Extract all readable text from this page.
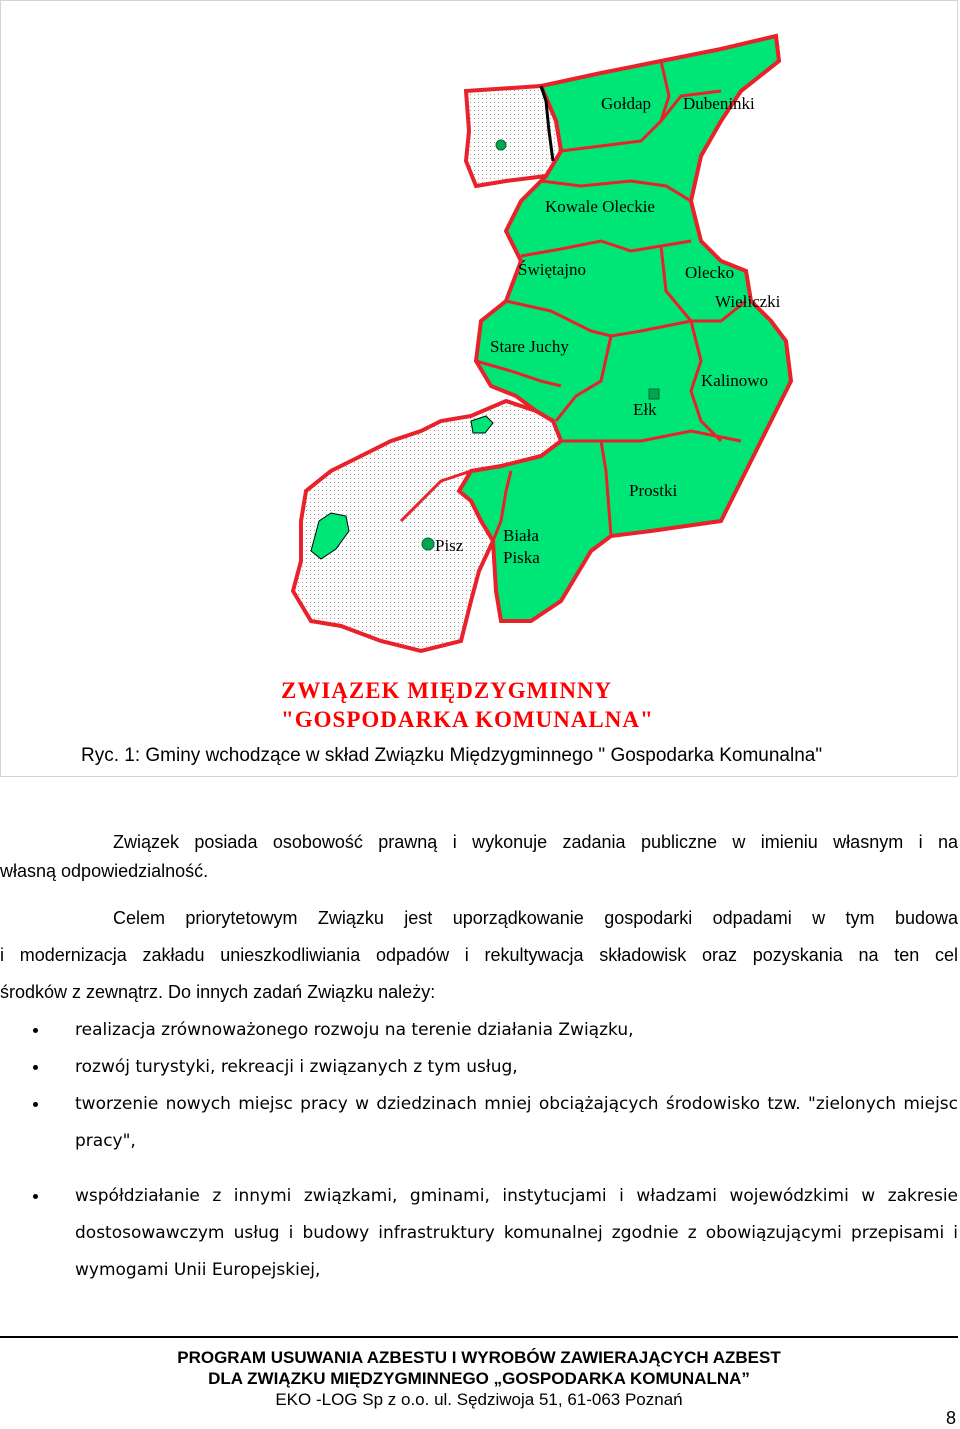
Gołdap Dubeninki
Kowale Oleckie
Świętajno	Olecko
Wieliczki
Stare Juchy
Kalinowo
Ełk
Prostki
Biała
Piska
Pisz
ZWIĄZEK MIĘDZYGMINNY
"GOSPODARKA KOMUNALNA"
Ryc. 1: Gminy wchodzące w skład Związku Międzygminnego " Gospodarka Komunalna"
Związek posiada osobowość prawną i wykonuje zadania publiczne w imieniu własnym i na
własną odpowiedzialność.
Celem priorytetowym Związku jest uporządkowanie gospodarki odpadami w tym budowa
i modernizacja zakładu unieszkodliwiania odpadów i rekultywacja składowisk oraz pozyskania na ten cel
środków z zewnątrz. Do innych zadań Związku należy:
realizacja zrównoważonego rozwoju na terenie działania Związku,
rozwój turystyki, rekreacji i związanych z tym usług,
tworzenie nowych miejsc pracy w dziedzinach mniej obciążających środowisko tzw. "zielonych miejsc pracy",
współdziałanie z innymi związkami, gminami, instytucjami i władzami wojewódzkimi w zakresie dostosowawczym usług i budowy infrastruktury komunalnej zgodnie z obowiązującymi przepisami i wymogami Unii Europejskiej,
PROGRAM USUWANIA AZBESTU I WYROBÓW ZAWIERAJĄCYCH AZBEST
DLA ZWIĄZKU MIĘDZYGMINNEGO „GOSPODARKA KOMUNALNA”
EKO -LOG Sp z o.o. ul. Sędziwoja 51, 61-063 Poznań
8
